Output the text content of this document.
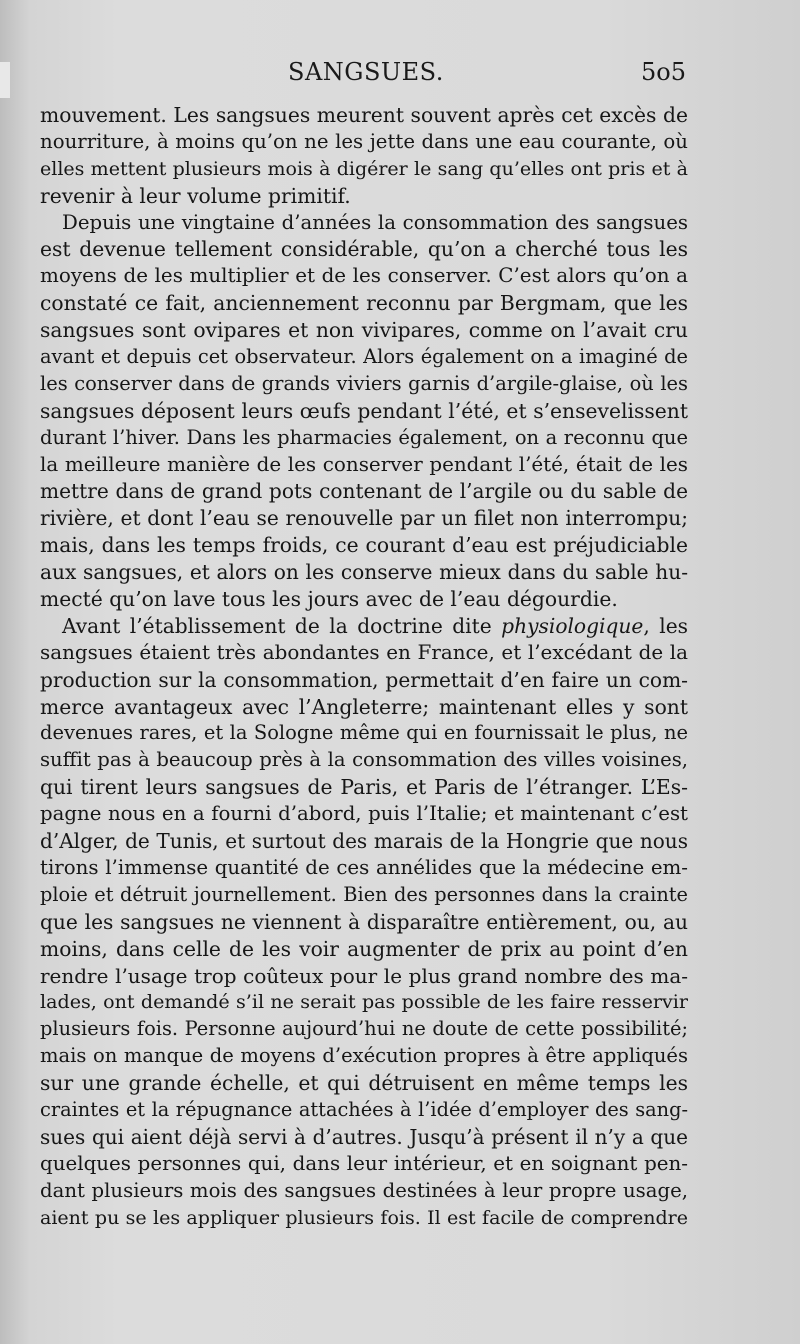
SANGSUES.	5o5
mouvement. Les sangsues meurent souvent après cet excès de
nourriture, à moins qu’on ne les jette dans une eau courante, où
elles mettent plusieurs mois à digérer le sang qu’elles ont pris et à
revenir à leur volume primitif.
Depuis une vingtaine d’années la consommation des sangsues
est devenue tellement considérable, qu’on a cherché tous les
moyens de les multiplier et de les conserver. C’est alors qu’on a
constaté ce fait, anciennement reconnu par Bergmam, que les
sangsues sont ovipares et non vivipares, comme on l’avait cru
avant et depuis cet observateur. Alors également on a imaginé de
les conserver dans de grands viviers garnis d’argile-glaise, où les
sangsues déposent leurs œufs pendant l’été, et s’ensevelissent
durant l’hiver. Dans les pharmacies également, on a reconnu que
la meilleure manière de les conserver pendant l’été, était de les
mettre dans de grand pots contenant de l’argile ou du sable de
rivière, et dont l’eau se renouvelle par un filet non interrompu;
mais, dans les temps froids, ce courant d’eau est préjudiciable
aux sangsues, et alors on les conserve mieux dans du sable hu-
mecté qu’on lave tous les jours avec de l’eau dégourdie.
Avant l’établissement de la doctrine dite physiologique, les
sangsues étaient très abondantes en France, et l’excédant de la
production sur la consommation, permettait d’en faire un com-
merce avantageux avec l’Angleterre; maintenant elles y sont
devenues rares, et la Sologne même qui en fournissait le plus, ne
suffit pas à beaucoup près à la consommation des villes voisines,
qui tirent leurs sangsues de Paris, et Paris de l’étranger. L’Es-
pagne nous en a fourni d’abord, puis l’Italie; et maintenant c’est
d’Alger, de Tunis, et surtout des marais de la Hongrie que nous
tirons l’immense quantité de ces annélides que la médecine em-
ploie et détruit journellement. Bien des personnes dans la crainte
que les sangsues ne viennent à disparaître entièrement, ou, au
moins, dans celle de les voir augmenter de prix au point d’en
rendre l’usage trop coûteux pour le plus grand nombre des ma-
lades, ont demandé s’il ne serait pas possible de les faire resservir
plusieurs fois. Personne aujourd’hui ne doute de cette possibilité;
mais on manque de moyens d’exécution propres à être appliqués
sur une grande échelle, et qui détruisent en même temps les
craintes et la répugnance attachées à l’idée d’employer des sang-
sues qui aient déjà servi à d’autres. Jusqu’à présent il n’y a que
quelques personnes qui, dans leur intérieur, et en soignant pen-
dant plusieurs mois des sangsues destinées à leur propre usage,
aient pu se les appliquer plusieurs fois. Il est facile de comprendre
